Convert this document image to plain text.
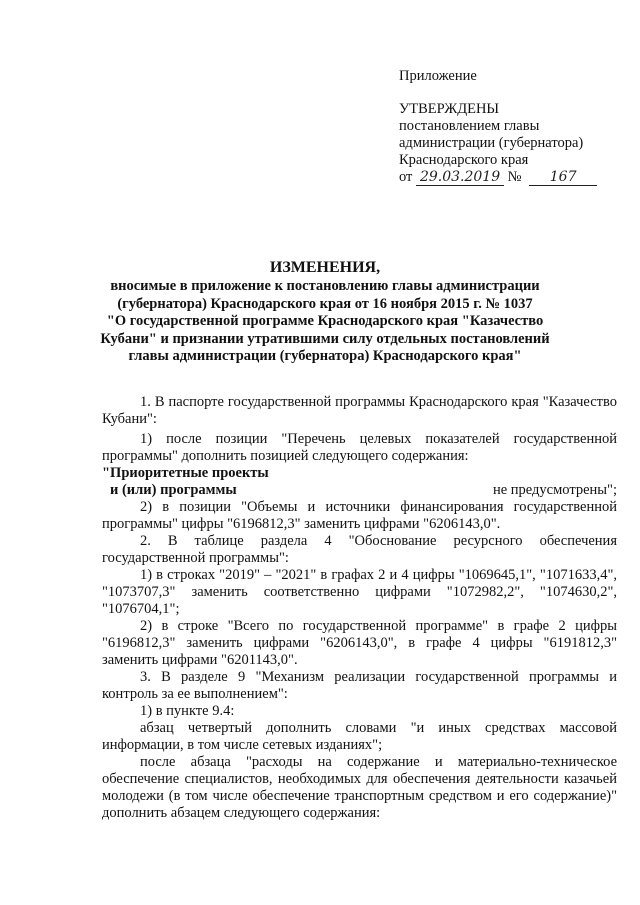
Приложение
УТВЕРЖДЕНЫ
постановлением главы
администрации (губернатора)
Краснодарского края
от 29.03.2019 № 167
ИЗМЕНЕНИЯ,
вносимые в приложение к постановлению главы администрации
(губернатора) Краснодарского края от 16 ноября 2015 г. № 1037
"О государственной программе Краснодарского края "Казачество
Кубани" и признании утратившими силу отдельных постановлений
главы администрации (губернатора) Краснодарского края"

1. В паспорте государственной программы Краснодарского края "Казачество Кубани":

1) после позиции "Перечень целевых показателей государственной программы" дополнить позицией следующего содержания:

"Приоритетные проекты
и (или) программы	не предусмотрены";

2) в позиции "Объемы и источники финансирования государственной программы" цифры "6196812,3" заменить цифрами "6206143,0".

2. В таблице раздела 4 "Обоснование ресурсного обеспечения государственной программы":

1) в строках "2019" – "2021" в графах 2 и 4 цифры "1069645,1", "1071633,4", "1073707,3" заменить соответственно цифрами "1072982,2", "1074630,2", "1076704,1";

2) в строке "Всего по государственной программе" в графе 2 цифры "6196812,3" заменить цифрами "6206143,0", в графе 4 цифры "6191812,3" заменить цифрами "6201143,0".

3. В разделе 9 "Механизм реализации государственной программы и контроль за ее выполнением":

1) в пункте 9.4:

абзац четвертый дополнить словами "и иных средствах массовой информации, в том числе сетевых изданиях";

после абзаца "расходы на содержание и материально-техническое обеспечение специалистов, необходимых для обеспечения деятельности казачьей молодежи (в том числе обеспечение транспортным средством и его содержание)" дополнить абзацем следующего содержания:
